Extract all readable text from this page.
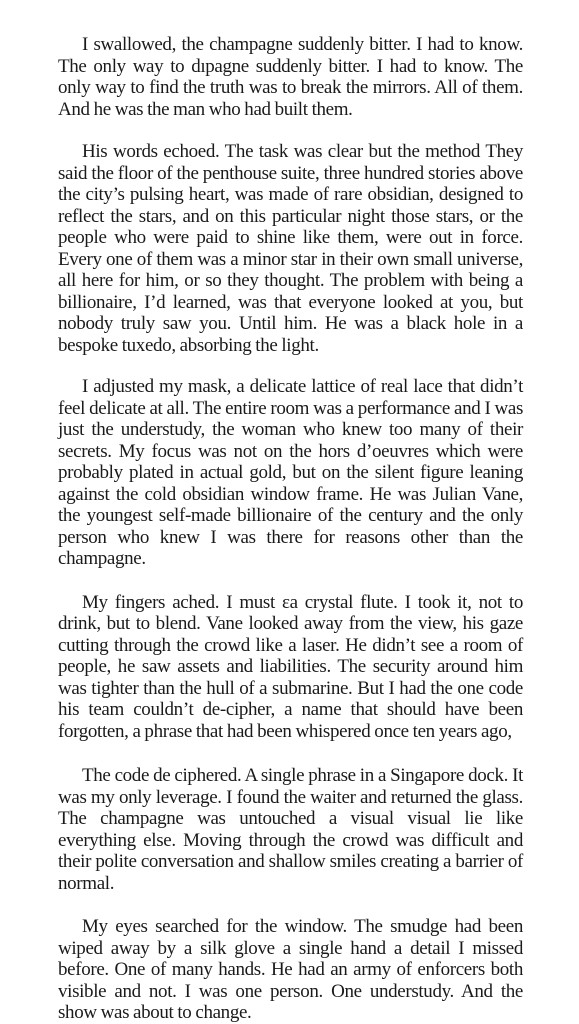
I swallowed, the champagne suddenly bitter. I had to know. The only way to dıpagne suddenly bitter. I had to know. The only way to find the truth was to break the mirrors. All of them. And he was the man who had built them.

His words echoed. The task was clear but the method They said the floor of the penthouse suite, three hundred stories above the city’s pulsing heart, was made of rare obsidian, designed to reflect the stars, and on this particular night those stars, or the people who were paid to shine like them, were out in force. Every one of them was a minor star in their own small universe, all here for him, or so they thought. The problem with being a billionaire, I’d learned, was that everyone looked at you, but nobody truly saw you. Until him. He was a black hole in a bespoke tuxedo, absorbing the light.

I adjusted my mask, a delicate lattice of real lace that didn’t feel delicate at all. The entire room was a performance and I was just the understudy, the woman who knew too many of their secrets. My focus was not on the hors d’oeuvres which were probably plated in actual gold, but on the silent figure leaning against the cold obsidian window frame. He was Julian Vane, the youngest self-made billionaire of the century and the only person who knew I was there for reasons other than the champagne.

My fingers ached. I must ɛa crystal flute. I took it, not to drink, but to blend. Vane looked away from the view, his gaze cutting through the crowd like a laser. He didn’t see a room of people, he saw assets and liabilities. The security around him was tighter than the hull of a submarine. But I had the one code his team couldn’t de-cipher, a name that should have been forgotten, a phrase that had been whispered once ten years ago,

The code de ciphered. A single phrase in a Singapore dock. It was my only leverage. I found the waiter and returned the glass. The champagne was untouched a visual visual lie like everything else. Moving through the crowd was difficult and their polite conversation and shallow smiles creating a barrier of normal.

My eyes searched for the window. The smudge had been wiped away by a silk glove a single hand a detail I missed before. One of many hands. He had an army of enforcers both visible and not. I was one person. One understudy. And the show was about to change.
